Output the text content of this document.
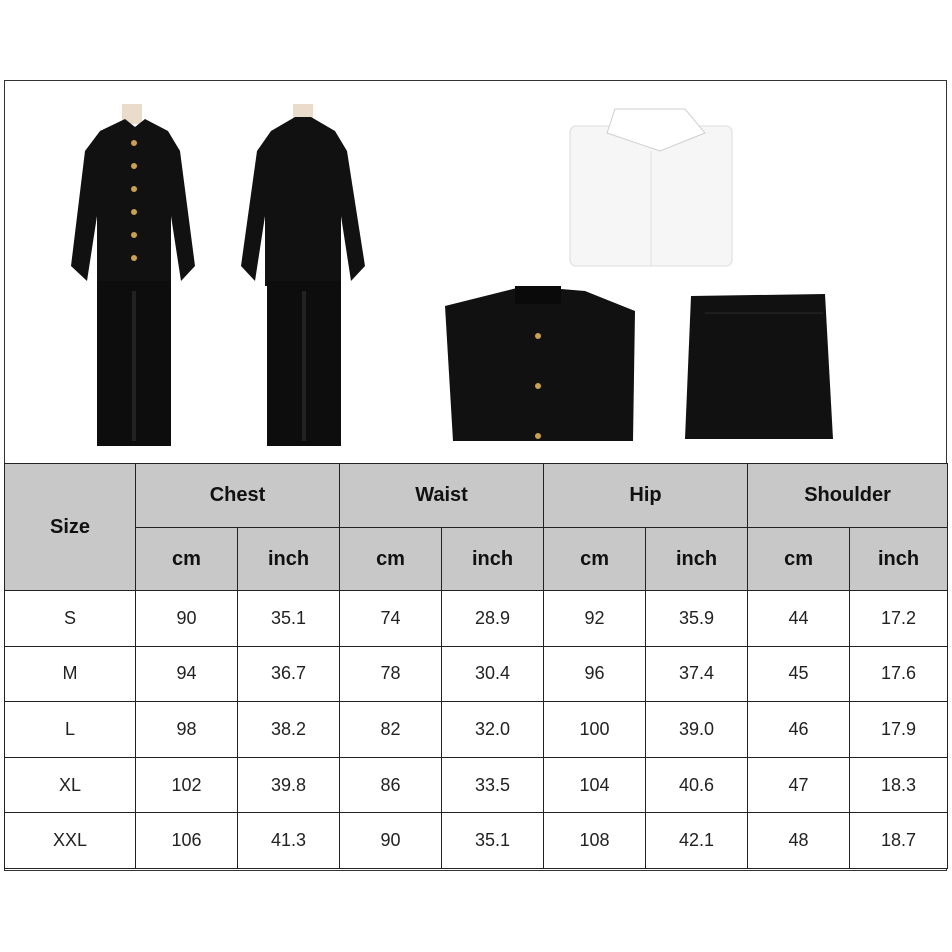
Size	Chest		Waist		Hip		Shoulder	
	cm	inch	cm	inch	cm	inch	cm	inch
S	90	35.1	74	28.9	92	35.9	44	17.2
M	94	36.7	78	30.4	96	37.4	45	17.6
L	98	38.2	82	32.0	100	39.0	46	17.9
XL	102	39.8	86	33.5	104	40.6	47	18.3
XXL	106	41.3	90	35.1	108	42.1	48	18.7
